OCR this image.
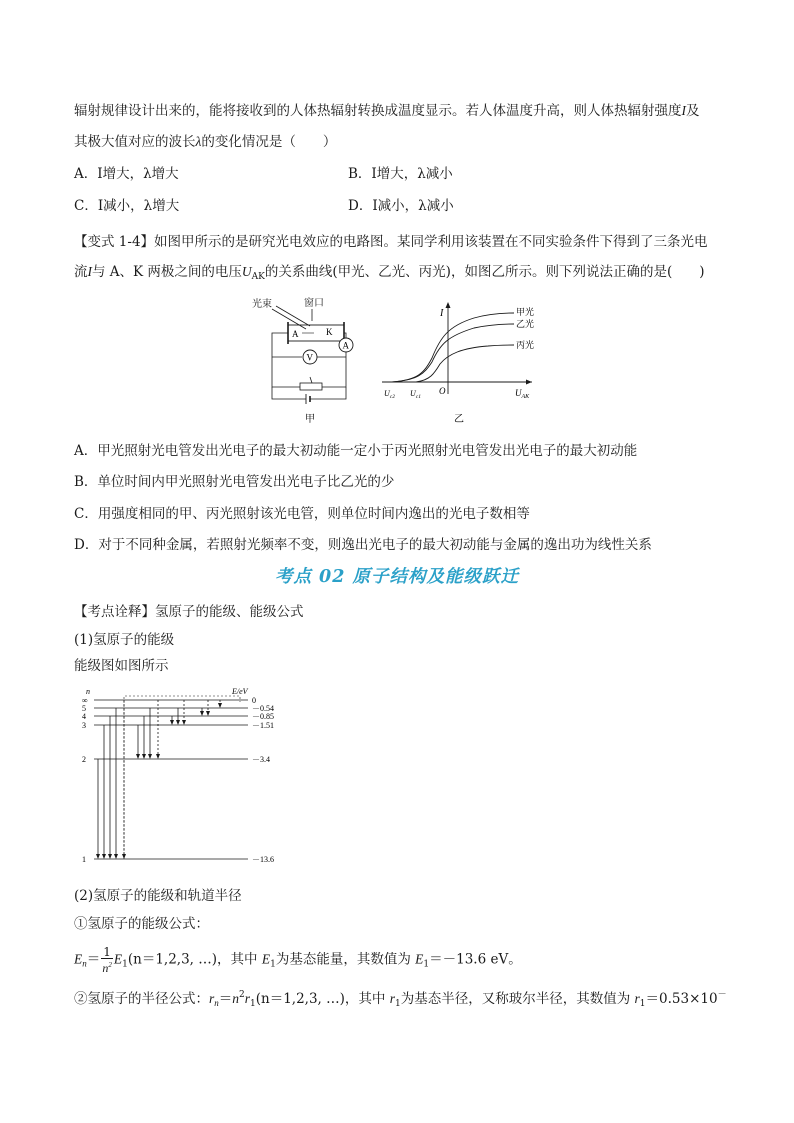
辐射规律设计出来的，能将接收到的人体热辐射转换成温度显示。若人体温度升高，则人体热辐射强度I及
其极大值对应的波长λ的变化情况是（　　）
A．I增大，λ增大	B．I增大，λ减小
C．I减小，λ增大	D．I减小，λ减小
【变式 1-4】如图甲所示的是研究光电效应的电路图。某同学利用该装置在不同实验条件下得到了三条光电
流I与 A、K 两极之间的电压$U_{AK}$的关系曲线(甲光、乙光、丙光)，如图乙所示。则下列说法正确的是(　　)
光束	窗口
A	K
V
A
甲
I
$U_{AK}$
O
$U_{c2}$ $U_{c1}$
甲光
乙光
丙光
乙
A．甲光照射光电管发出光电子的最大初动能一定小于丙光照射光电管发出光电子的最大初动能
B．单位时间内甲光照射光电管发出光电子比乙光的少
C．用强度相同的甲、丙光照射该光电管，则单位时间内逸出的光电子数相等
D．对于不同种金属，若照射光频率不变，则逸出光电子的最大初动能与金属的逸出功为线性关系
考点 02 原子结构及能级跃迁
【考点诠释】氢原子的能级、能级公式
(1)氢原子的能级
能级图如图所示
n	E/eV
∞	0
5	－0.54
4	－0.85
3	－1.51
2	－3.4
1	－13.6
(2)氢原子的能级和轨道半径
①氢原子的能级公式：
$E_n= \frac{1}{n^2} E_1(n=1,2,3$, …)，其中 $E_1$为基态能量，其数值为 $E_1=-13.6$ eV。
②氢原子的半径公式：$r_n=n^2r_1(n=1,2,3$, …)，其中 $r_1$为基态半径，又称玻尔半径，其数值为 $r_1=0.53\times 10^-$
